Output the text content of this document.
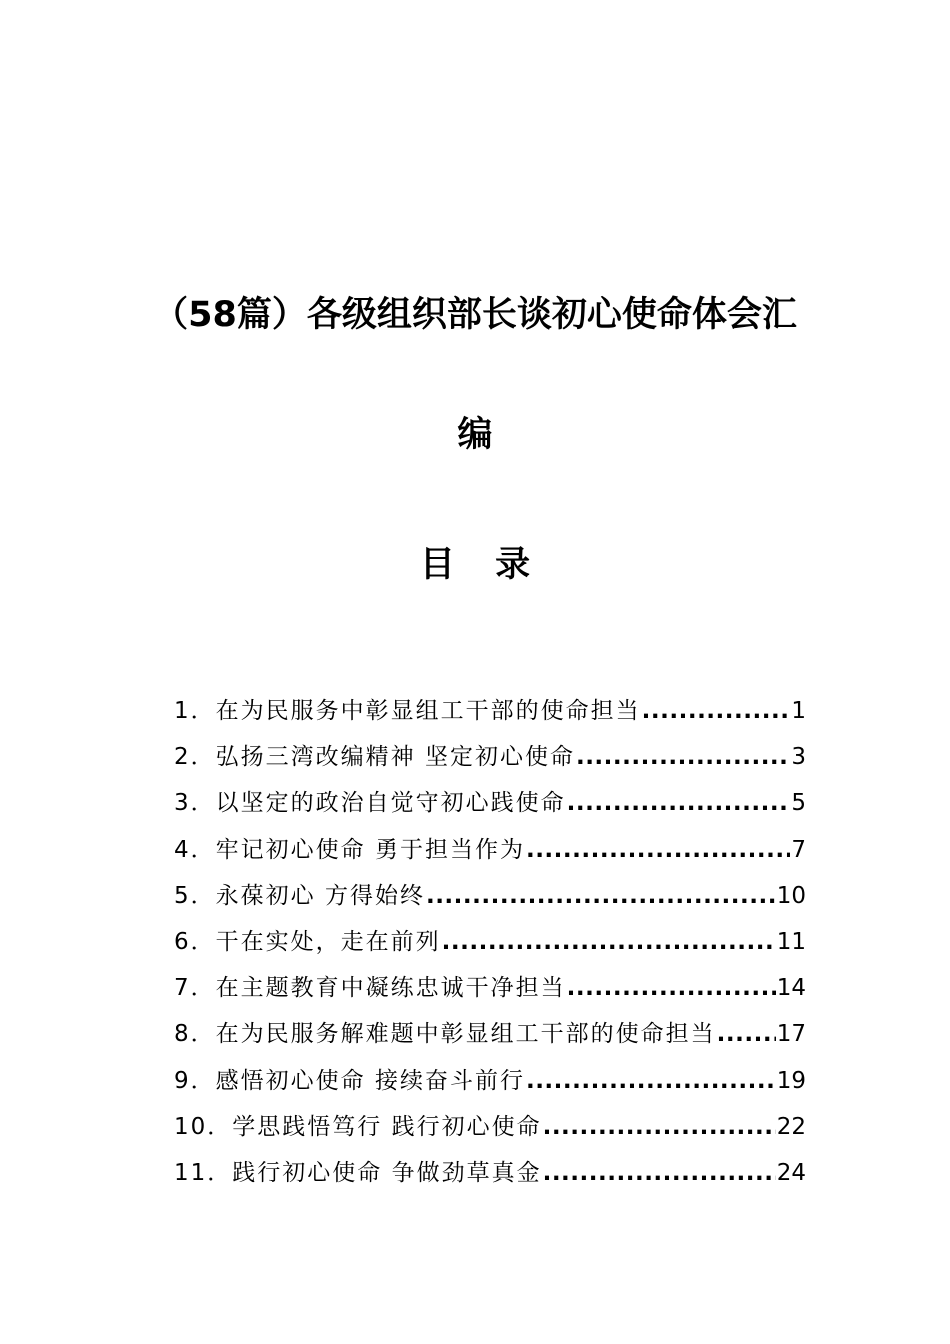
（58篇）各级组织部长谈初心使命体会汇
编
目 录
1．在为民服务中彰显组工干部的使命担当 .....	1
2．弘扬三湾改编精神 坚定初心使命 .....	3
3．以坚定的政治自觉守初心践使命 .....	5
4．牢记初心使命 勇于担当作为 .....	7
5．永葆初心 方得始终 .....	10
6．干在实处，走在前列 .....	11
7．在主题教育中凝练忠诚干净担当 .....	14
8．在为民服务解难题中彰显组工干部的使命担当 .....	17
9．感悟初心使命 接续奋斗前行 .....	19
10．学思践悟笃行 践行初心使命 .....	22
11．践行初心使命 争做劲草真金 .....	24
